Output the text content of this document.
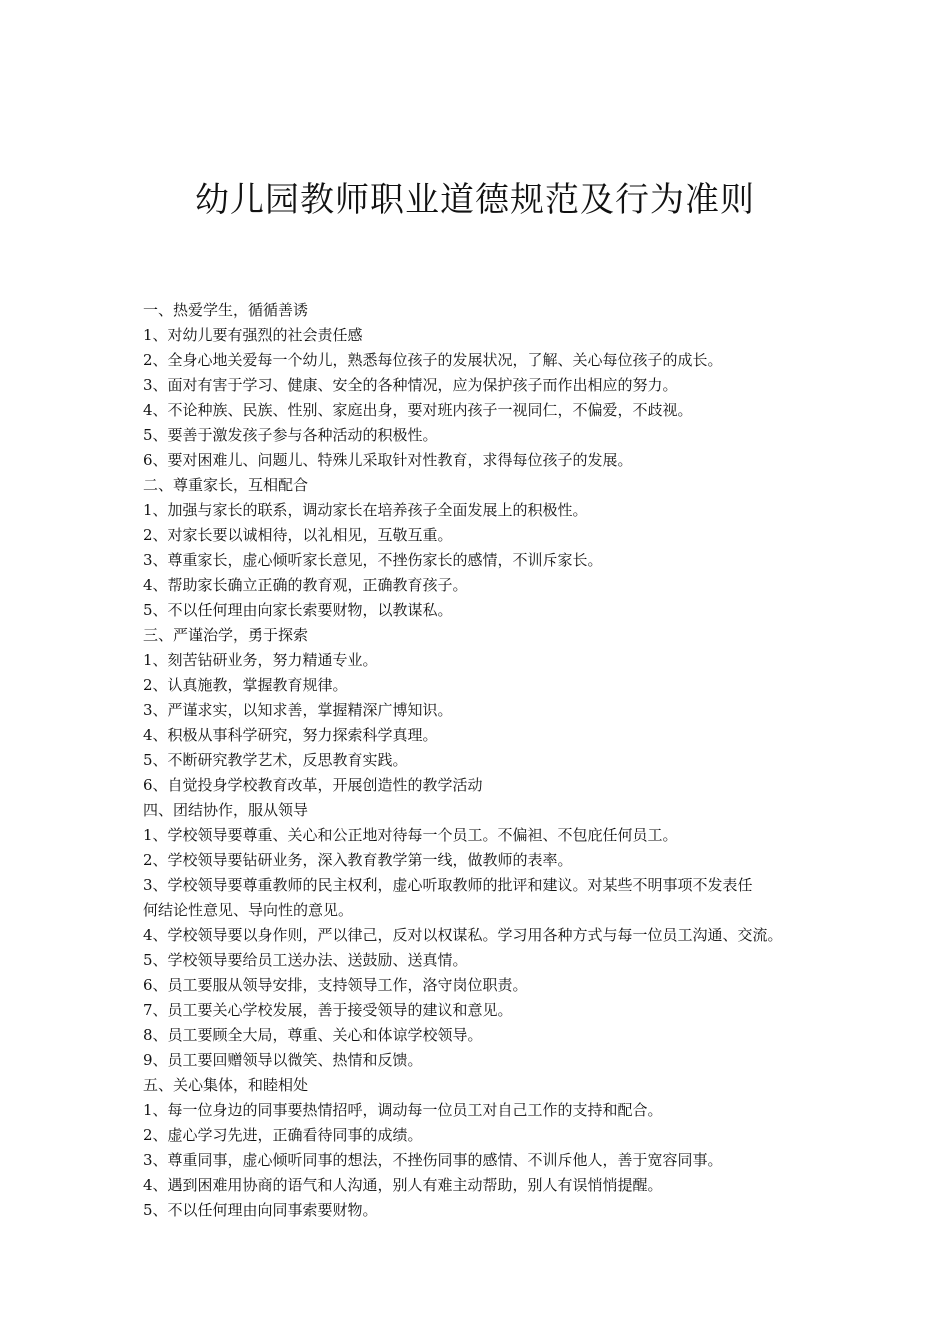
幼儿园教师职业道德规范及行为准则

一、热爱学生，循循善诱

1、对幼儿要有强烈的社会责任感

2、全身心地关爱每一个幼儿，熟悉每位孩子的发展状况，了解、关心每位孩子的成长。

3、面对有害于学习、健康、安全的各种情况，应为保护孩子而作出相应的努力。

4、不论种族、民族、性别、家庭出身，要对班内孩子一视同仁，不偏爱，不歧视。

5、要善于激发孩子参与各种活动的积极性。

6、要对困难儿、问题儿、特殊儿采取针对性教育，求得每位孩子的发展。

二、尊重家长，互相配合

1、加强与家长的联系，调动家长在培养孩子全面发展上的积极性。

2、对家长要以诚相待，以礼相见，互敬互重。

3、尊重家长，虚心倾听家长意见，不挫伤家长的感情，不训斥家长。

4、帮助家长确立正确的教育观，正确教育孩子。

5、不以任何理由向家长索要财物，以教谋私。

三、严谨治学，勇于探索

1、刻苦钻研业务，努力精通专业。

2、认真施教，掌握教育规律。

3、严谨求实，以知求善，掌握精深广博知识。

4、积极从事科学研究，努力探索科学真理。

5、不断研究教学艺术，反思教育实践。

6、自觉投身学校教育改革，开展创造性的教学活动

四、团结协作，服从领导

1、学校领导要尊重、关心和公正地对待每一个员工。不偏袒、不包庇任何员工。

2、学校领导要钻研业务，深入教育教学第一线，做教师的表率。

3、学校领导要尊重教师的民主权利，虚心听取教师的批评和建议。对某些不明事项不发表任

何结论性意见、导向性的意见。

4、学校领导要以身作则，严以律己，反对以权谋私。学习用各种方式与每一位员工沟通、交流。

5、学校领导要给员工送办法、送鼓励、送真情。

6、员工要服从领导安排，支持领导工作，洛守岗位职责。

7、员工要关心学校发展，善于接受领导的建议和意见。

8、员工要顾全大局，尊重、关心和体谅学校领导。

9、员工要回赠领导以微笑、热情和反馈。

五、关心集体，和睦相处

1、每一位身边的同事要热情招呼，调动每一位员工对自己工作的支持和配合。

2、虚心学习先进，正确看待同事的成绩。

3、尊重同事，虚心倾听同事的想法，不挫伤同事的感情、不训斥他人，善于宽容同事。

4、遇到困难用协商的语气和人沟通，别人有难主动帮助，别人有误悄悄提醒。

5、不以任何理由向同事索要财物。
